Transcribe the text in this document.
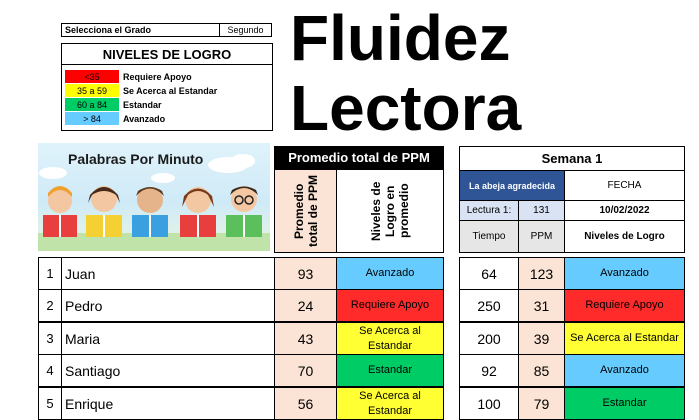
Selecciona el Grado	Segundo
NIVELES DE LOGRO
<35	Requiere Apoyo
35 a 59	Se Acerca al Estandar
60 a 84	Estandar
> 84	Avanzado
Fluidez
Lectora
Palabras Por Minuto	Promedio total de PPM
Promedio total de PPM	Niveles de Logro en promedio
Semana 1
La abeja agradecida	FECHA
Lectura 1:	131	10/02/2022
Tiempo	PPM	Niveles de Logro
1 Juan	93	Avanzado	64	123	Avanzado
2 Pedro	24	Requiere Apoyo	250	31	Requiere Apoyo
3 Maria	43	Se Acerca al Estandar	200	39	Se Acerca al Estandar
4 Santiago	70	Estandar	92	85	Avanzado
5 Enrique	56	Se Acerca al Estandar	100	79	Estandar
